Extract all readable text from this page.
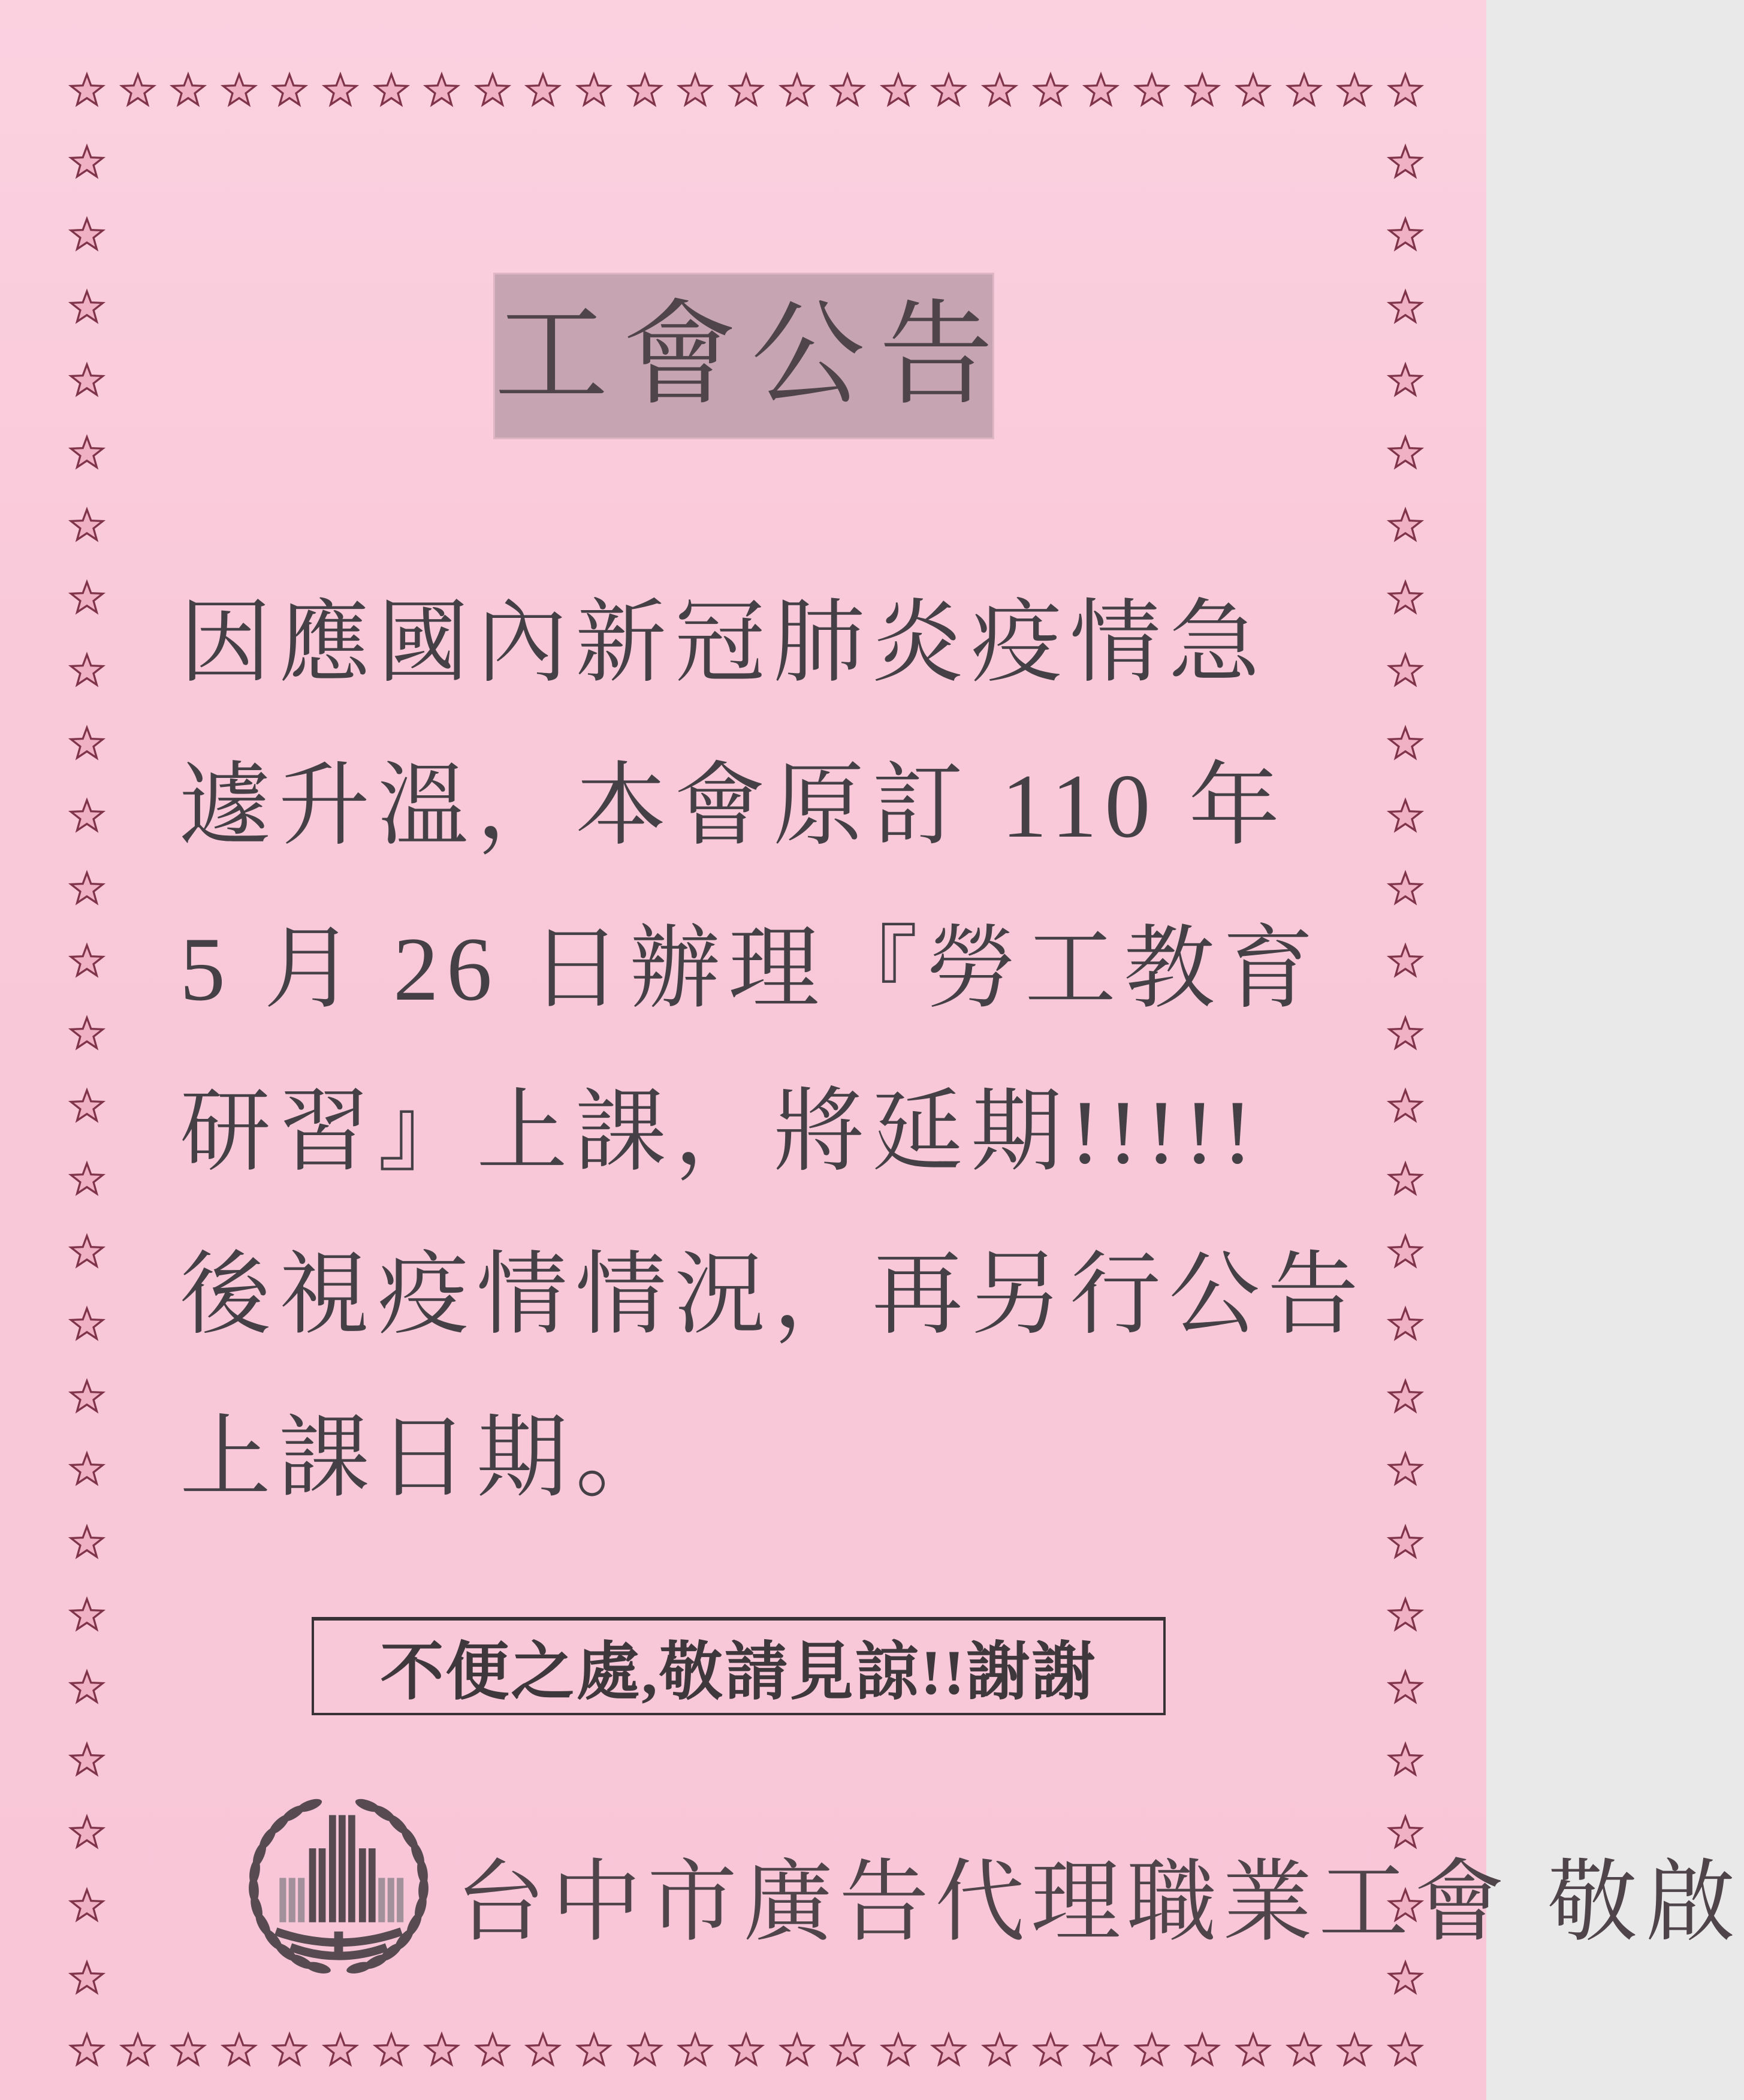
工會公告
因應國內新冠肺炎疫情急
遽升溫，本會原訂 110 年
5 月 26 日辦理『勞工教育
研習』上課，將延期!!!!!
後視疫情情況，再另行公告
上課日期。
不便之處,敬請見諒!!謝謝
台中市廣告代理職業工會 敬啟
